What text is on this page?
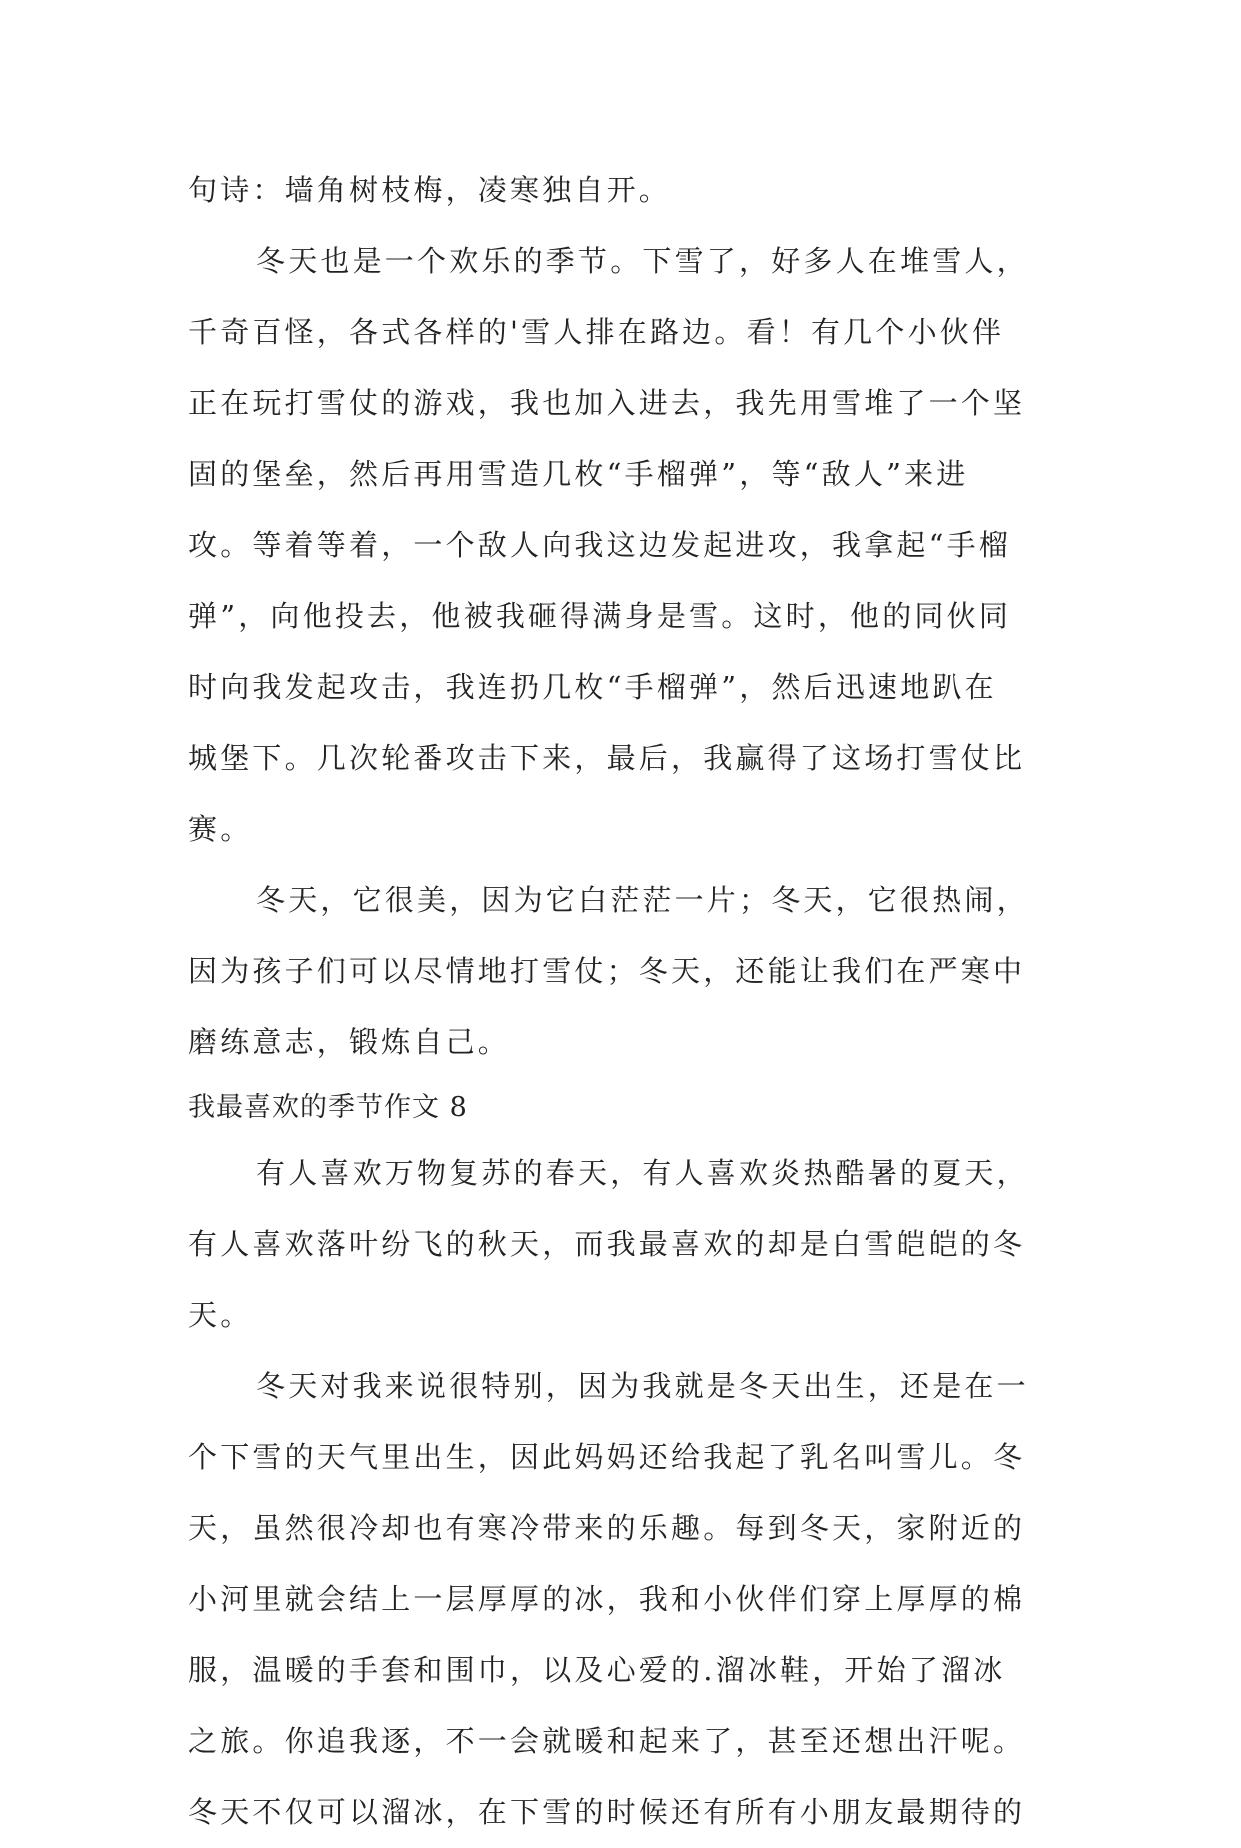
句诗：墙角树枝梅，凌寒独自开。
冬天也是一个欢乐的季节。下雪了，好多人在堆雪人，
千奇百怪，各式各样的'雪人排在路边。看！有几个小伙伴
正在玩打雪仗的游戏，我也加入进去，我先用雪堆了一个坚
固的堡垒，然后再用雪造几枚“手榴弹”，等“敌人”来进
攻。等着等着，一个敌人向我这边发起进攻，我拿起“手榴
弹”，向他投去，他被我砸得满身是雪。这时，他的同伙同
时向我发起攻击，我连扔几枚“手榴弹”，然后迅速地趴在
城堡下。几次轮番攻击下来，最后，我赢得了这场打雪仗比
赛。
冬天，它很美，因为它白茫茫一片；冬天，它很热闹，
因为孩子们可以尽情地打雪仗；冬天，还能让我们在严寒中
磨练意志，锻炼自己。
我最喜欢的季节作文 8
有人喜欢万物复苏的春天，有人喜欢炎热酷暑的夏天，
有人喜欢落叶纷飞的秋天，而我最喜欢的却是白雪皑皑的冬
天。
冬天对我来说很特别，因为我就是冬天出生，还是在一
个下雪的天气里出生，因此妈妈还给我起了乳名叫雪儿。冬
天，虽然很冷却也有寒冷带来的乐趣。每到冬天，家附近的
小河里就会结上一层厚厚的冰，我和小伙伴们穿上厚厚的棉
服，温暖的手套和围巾，以及心爱的.溜冰鞋，开始了溜冰
之旅。你追我逐，不一会就暖和起来了，甚至还想出汗呢。
冬天不仅可以溜冰，在下雪的时候还有所有小朋友最期待的
